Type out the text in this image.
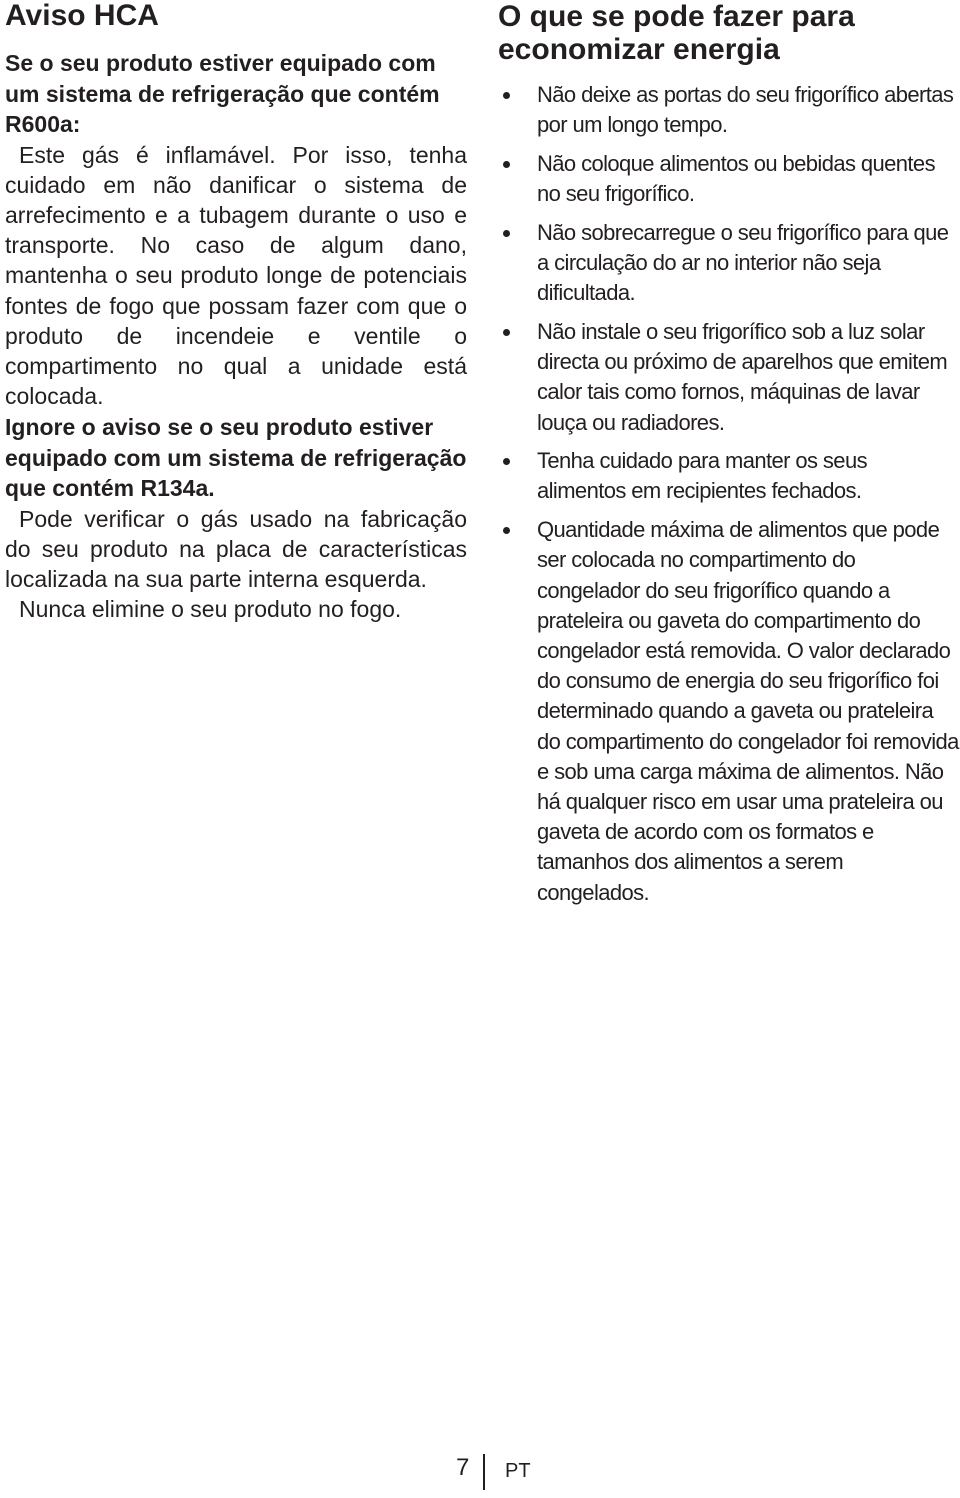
Aviso HCA

Se o seu produto estiver equipado com um sistema de refrigeração que contém R600a:

Este gás é inflamável. Por isso, tenha cuidado em não danificar o sistema de arrefecimento e a tubagem durante o uso e transporte. No caso de algum dano, mantenha o seu produto longe de potenciais fontes de fogo que possam fazer com que o produto de incendeie e ventile o compartimento no qual a unidade está colocada.

Ignore o aviso se o seu produto estiver equipado com um sistema de refrigeração que contém R134a.

Pode verificar o gás usado na fabricação do seu produto na placa de características localizada na sua parte interna esquerda.

Nunca elimine o seu produto no fogo.

O que se pode fazer para economizar energia
Não deixe as portas do seu frigorífico abertas por um longo tempo.
Não coloque alimentos ou bebidas quentes no seu frigorífico.
Não sobrecarregue o seu frigorífico para que a circulação do ar no interior não seja dificultada.
Não instale o seu frigorífico sob a luz solar directa ou próximo de aparelhos que emitem calor tais como fornos, máquinas de lavar louça ou radiadores.
Tenha cuidado para manter os seus alimentos em recipientes fechados.
Quantidade máxima de alimentos que pode ser colocada no compartimento do congelador do seu frigorífico quando a prateleira ou gaveta do compartimento do congelador está removida. O valor declarado do consumo de energia do seu frigorífico foi determinado quando a gaveta ou prateleira do compartimento do congelador foi removida e sob uma carga máxima de alimentos. Não há qualquer risco em usar uma prateleira ou gaveta de acordo com os formatos e tamanhos dos alimentos a serem congelados.
7 PT
